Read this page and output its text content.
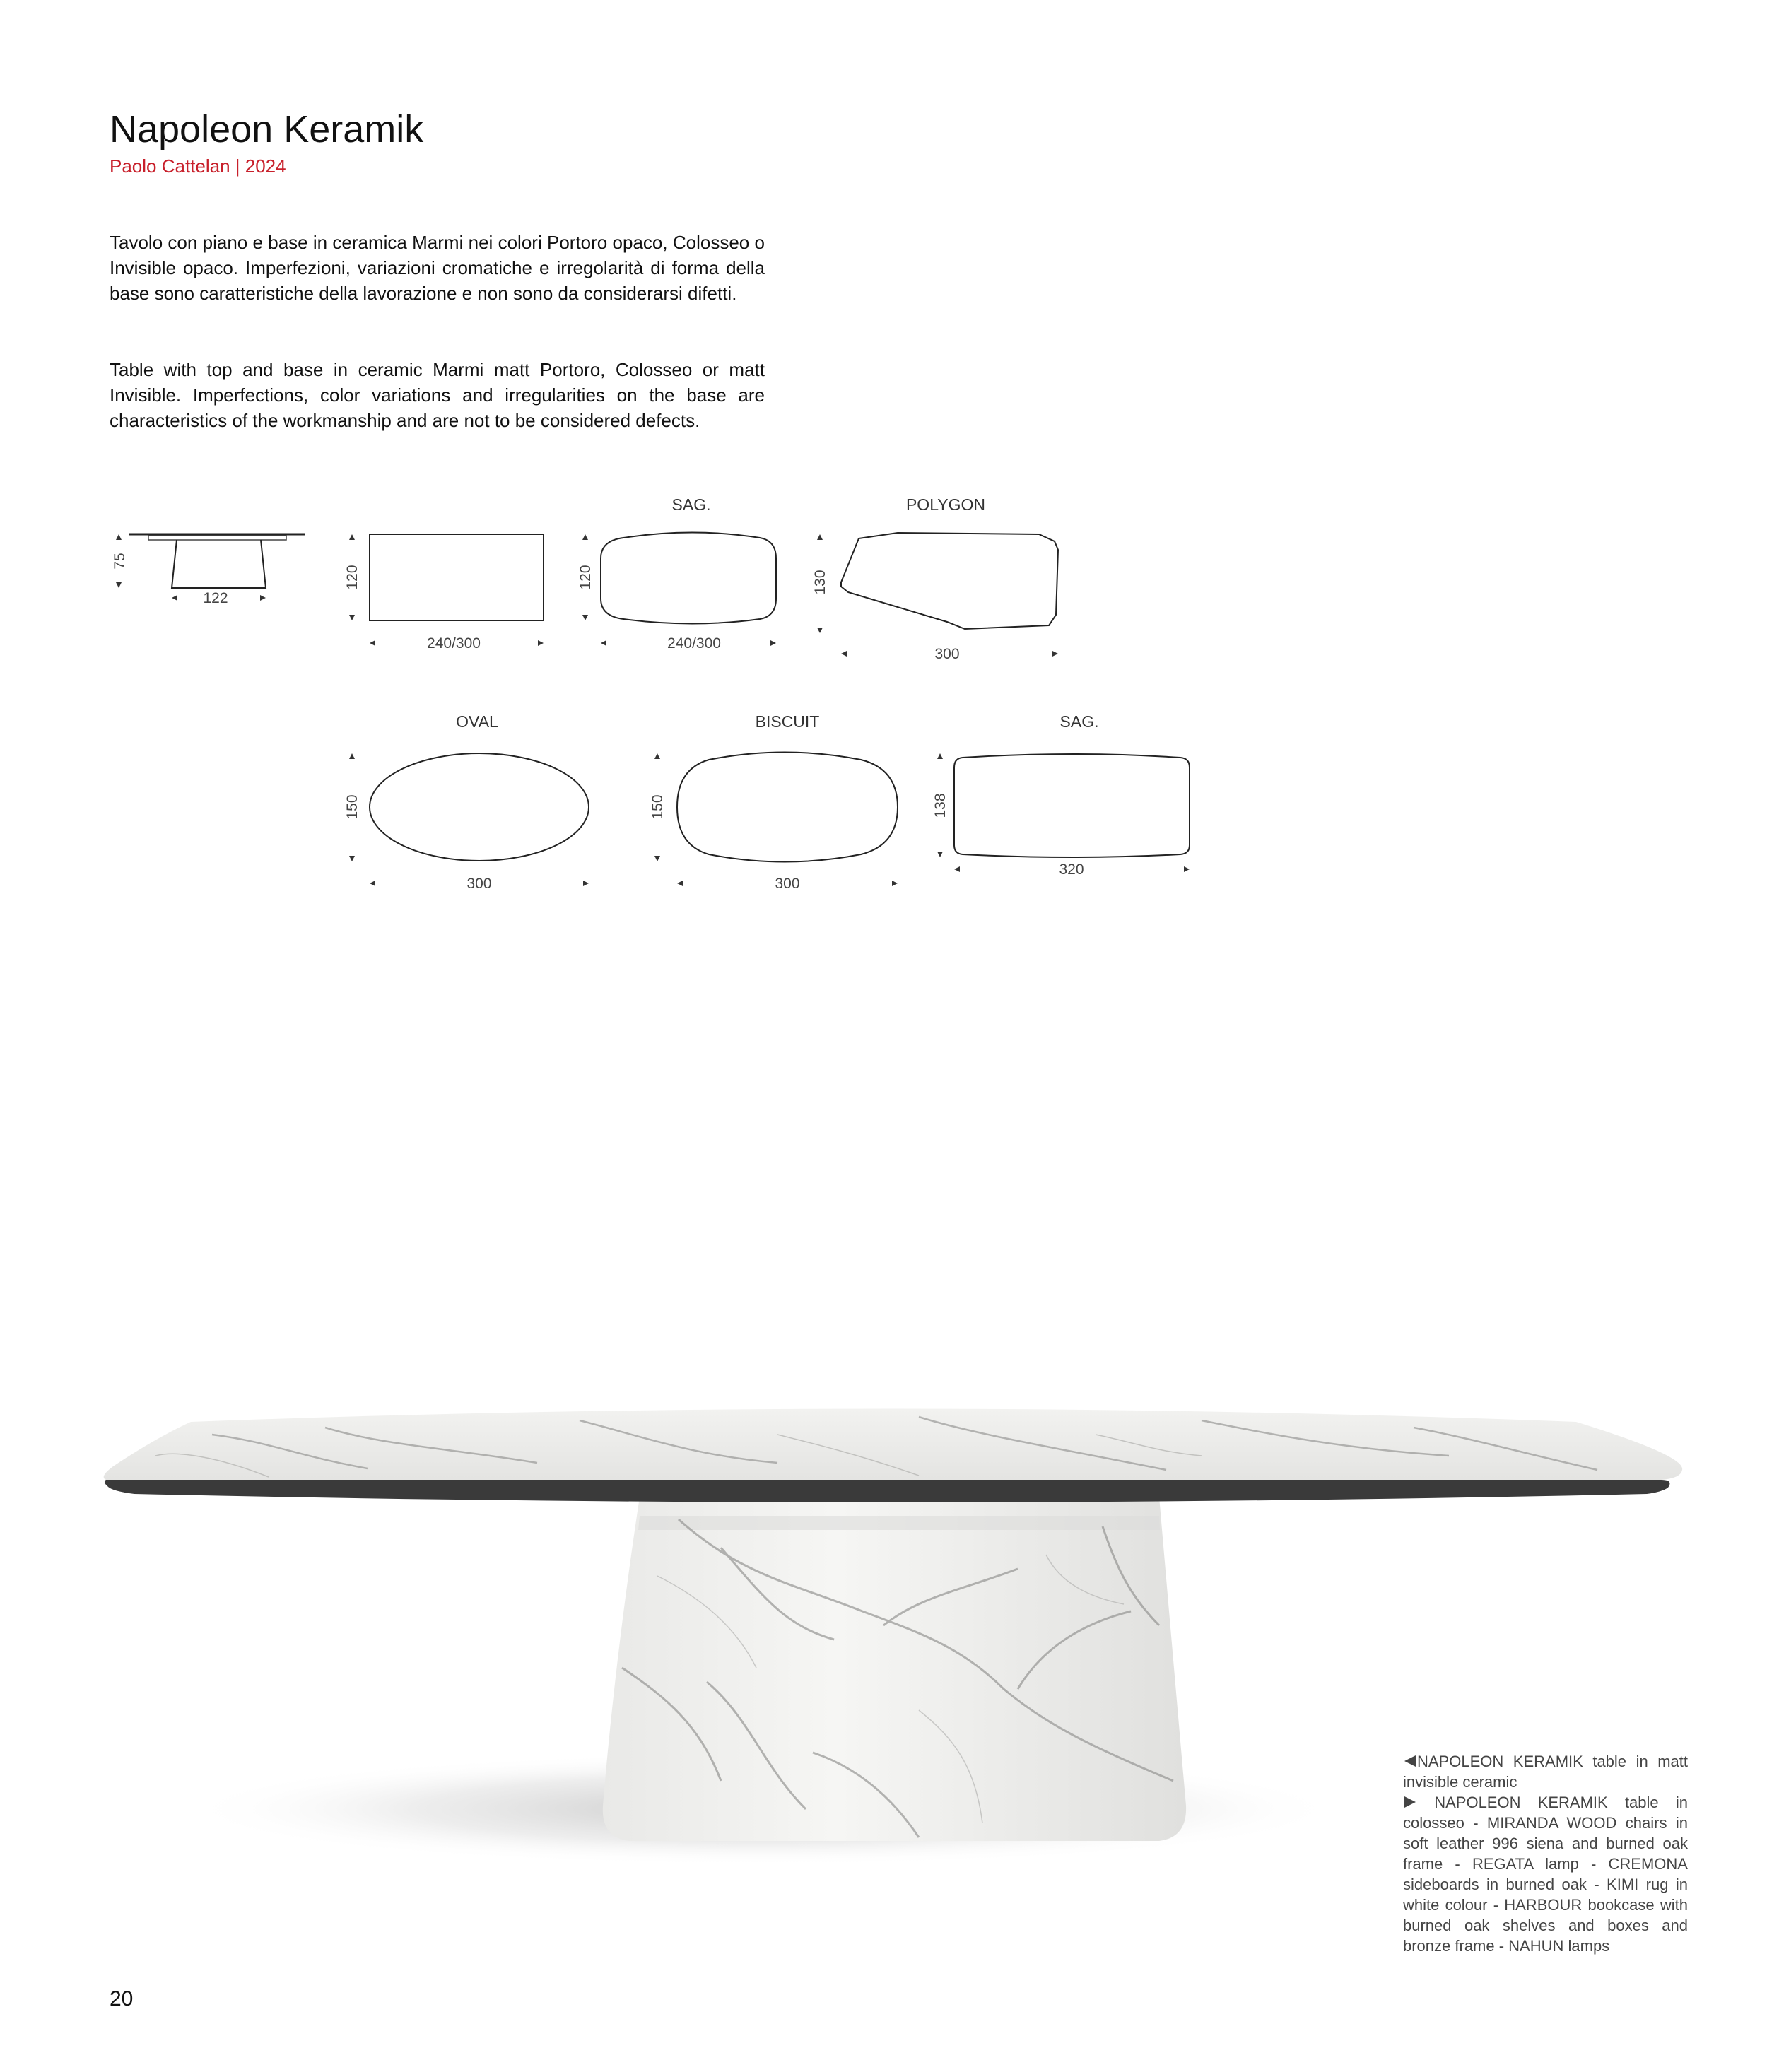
Napoleon Keramik
Paolo Cattelan | 2024
Tavolo con piano e base in ceramica Marmi nei colori Portoro opaco, Colosseo o Invisible opaco. Imperfezioni, variazioni cromatiche e irregolarità di forma della base sono caratteristiche della lavorazione e non sono da considerarsi difetti.
Table with top and base in ceramic Marmi matt Portoro, Colosseo or matt Invisible. Imperfections, color variations and irregularities on the base are characteristics of the workmanship and are not to be considered defects.
75
122
120
240/300
SAG.
120
240/300
POLYGON
130
300
OVAL
150
300
BISCUIT
150
300
SAG.
138
320
NAPOLEON KERAMIK table in matt invisible ceramic
NAPOLEON KERAMIK table in colosseo - MIRANDA WOOD chairs in soft leather 996 siena and burned oak frame - REGATA lamp - CREMONA sideboards in burned oak - KIMI rug in white colour - HARBOUR bookcase with burned oak shelves and boxes and bronze frame - NAHUN lamps
20
